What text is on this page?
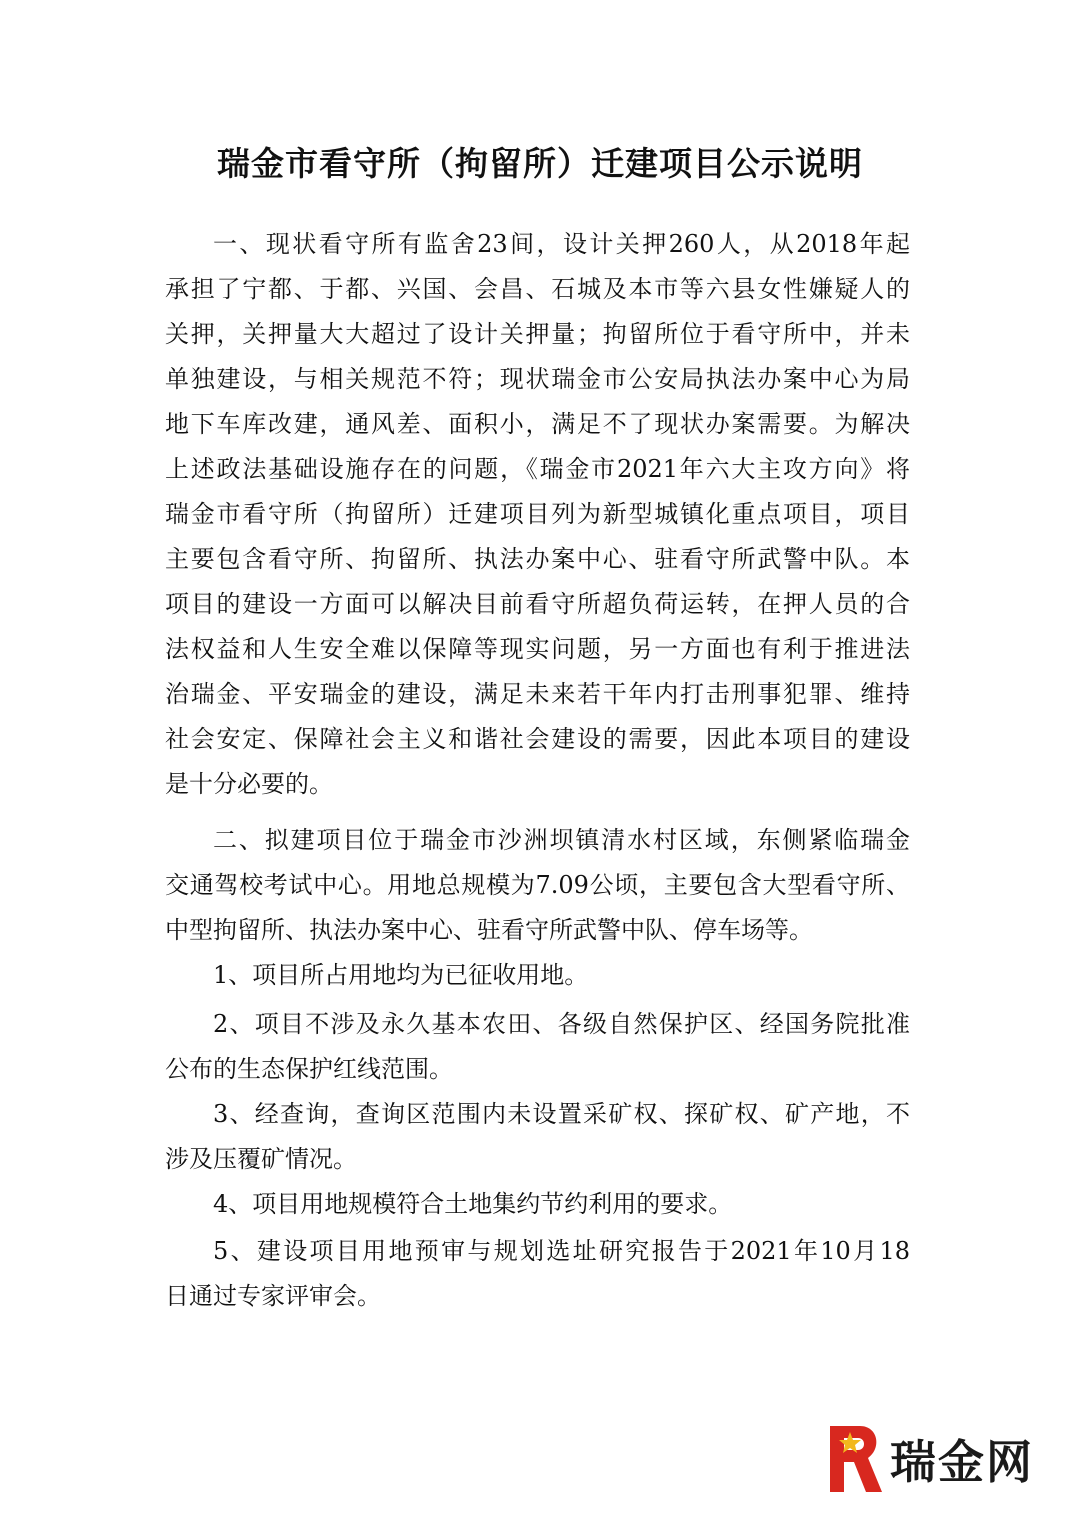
瑞金市看守所（拘留所）迁建项目公示说明
一、现状看守所有监舍23间，设计关押260人，从2018年起
承担了宁都、于都、兴国、会昌、石城及本市等六县女性嫌疑人的
关押，关押量大大超过了设计关押量；拘留所位于看守所中，并未
单独建设，与相关规范不符；现状瑞金市公安局执法办案中心为局
地下车库改建，通风差、面积小，满足不了现状办案需要。为解决
上述政法基础设施存在的问题，《瑞金市2021年六大主攻方向》将
瑞金市看守所（拘留所）迁建项目列为新型城镇化重点项目，项目
主要包含看守所、拘留所、执法办案中心、驻看守所武警中队。本
项目的建设一方面可以解决目前看守所超负荷运转，在押人员的合
法权益和人生安全难以保障等现实问题，另一方面也有利于推进法
治瑞金、平安瑞金的建设，满足未来若干年内打击刑事犯罪、维持
社会安定、保障社会主义和谐社会建设的需要，因此本项目的建设
是十分必要的。
二、拟建项目位于瑞金市沙洲坝镇清水村区域，东侧紧临瑞金
交通驾校考试中心。用地总规模为7.09公顷，主要包含大型看守所、
中型拘留所、执法办案中心、驻看守所武警中队、停车场等。
1、项目所占用地均为已征收用地。
2、项目不涉及永久基本农田、各级自然保护区、经国务院批准
公布的生态保护红线范围。
3、经查询，查询区范围内未设置采矿权、探矿权、矿产地，不
涉及压覆矿情况。
4、项目用地规模符合土地集约节约利用的要求。
5、建设项目用地预审与规划选址研究报告于2021年10月18
日通过专家评审会。
瑞金网
